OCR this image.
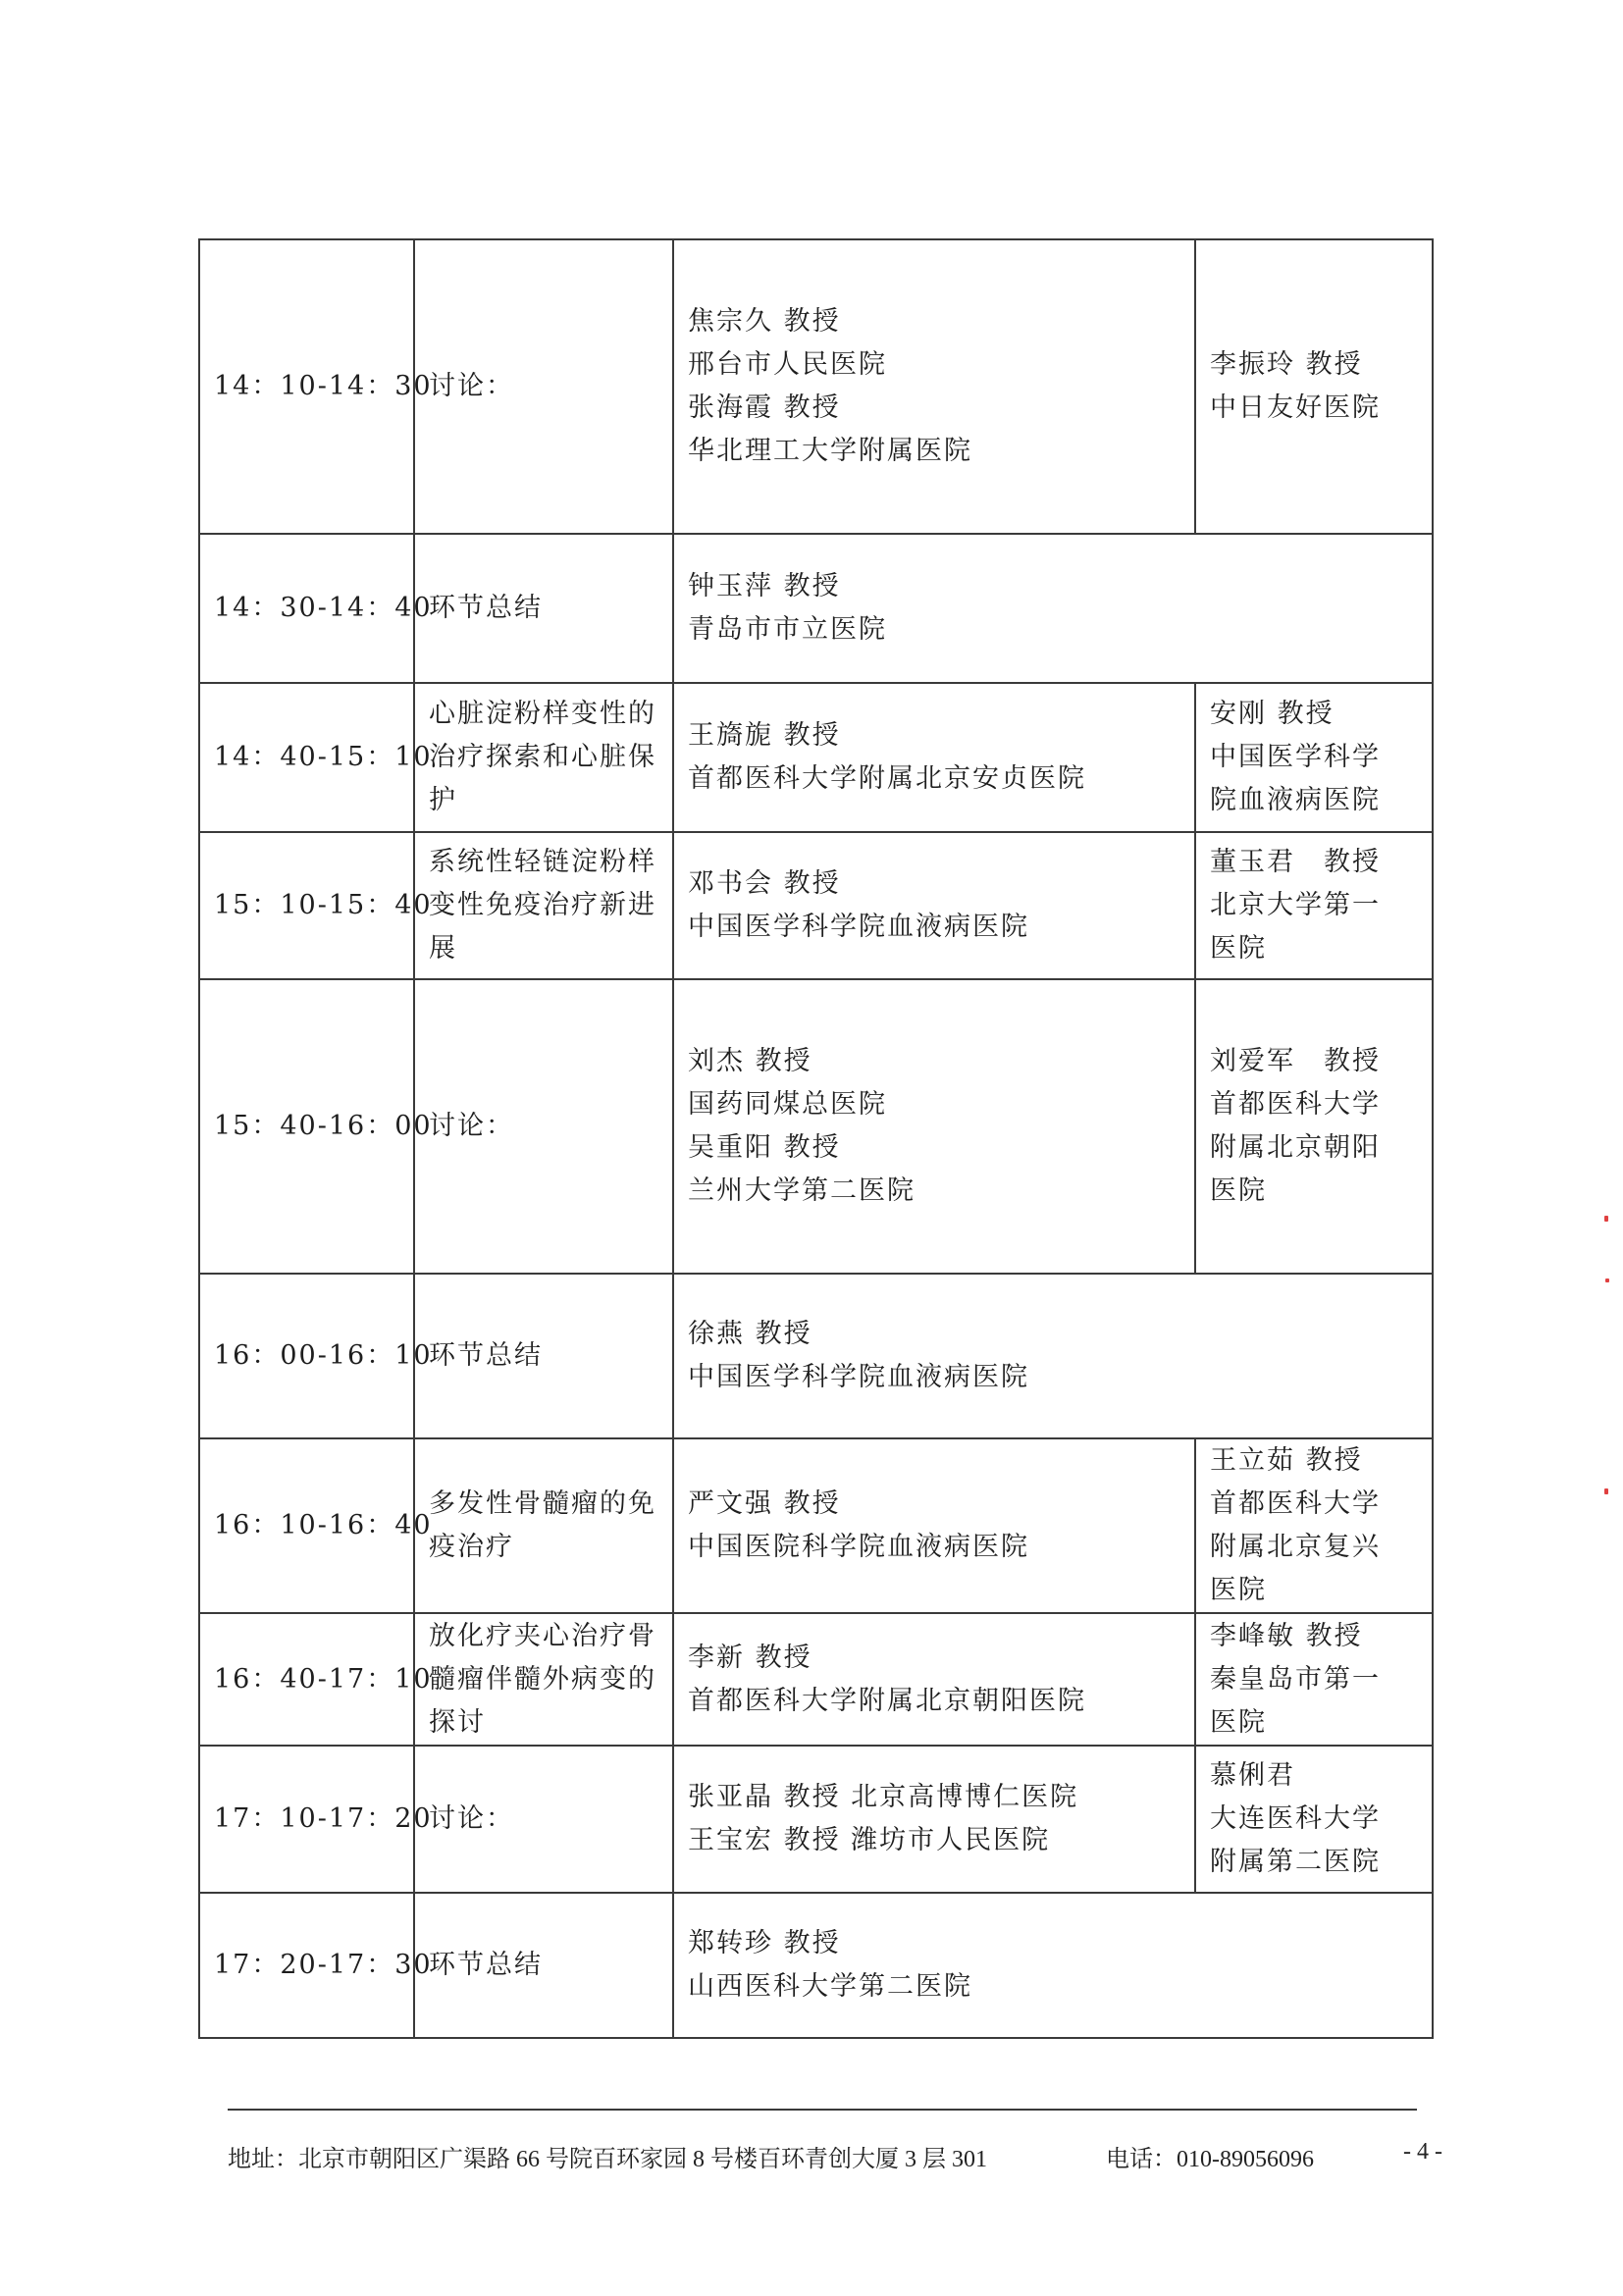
14：10-14：30	讨论：	焦宗久 教授
邢台市人民医院
张海霞 教授
华北理工大学附属医院	李振玲 教授
中日友好医院

14：30-14：40	环节总结	钟玉萍 教授
青岛市市立医院	

14：40-15：10	心脏淀粉样变性的
治疗探索和心脏保
护	王旖旎 教授
首都医科大学附属北京安贞医院	安刚 教授
中国医学科学
院血液病医院

15：10-15：40	系统性轻链淀粉样
变性免疫治疗新进
展	邓书会 教授
中国医学科学院血液病医院	董玉君　教授
北京大学第一
医院

15：40-16：00	讨论：	刘杰 教授
国药同煤总医院
吴重阳 教授
兰州大学第二医院	刘爱军　教授
首都医科大学
附属北京朝阳
医院

16：00-16：10	环节总结	徐燕 教授
中国医学科学院血液病医院	

16：10-16：40	多发性骨髓瘤的免
疫治疗	严文强 教授
中国医院科学院血液病医院	王立茹 教授
首都医科大学
附属北京复兴
医院

16：40-17：10	放化疗夹心治疗骨
髓瘤伴髓外病变的
探讨	李新 教授
首都医科大学附属北京朝阳医院	李峰敏 教授
秦皇岛市第一
医院

17：10-17：20	讨论：	张亚晶 教授 北京高博博仁医院
王宝宏 教授 潍坊市人民医院	慕俐君
大连医科大学
附属第二医院

17：20-17：30	环节总结	郑转珍 教授
山西医科大学第二医院	
地址：北京市朝阳区广渠路 66 号院百环家园 8 号楼百环青创大厦 3 层 301	电话：010-89056096	- 4 -
